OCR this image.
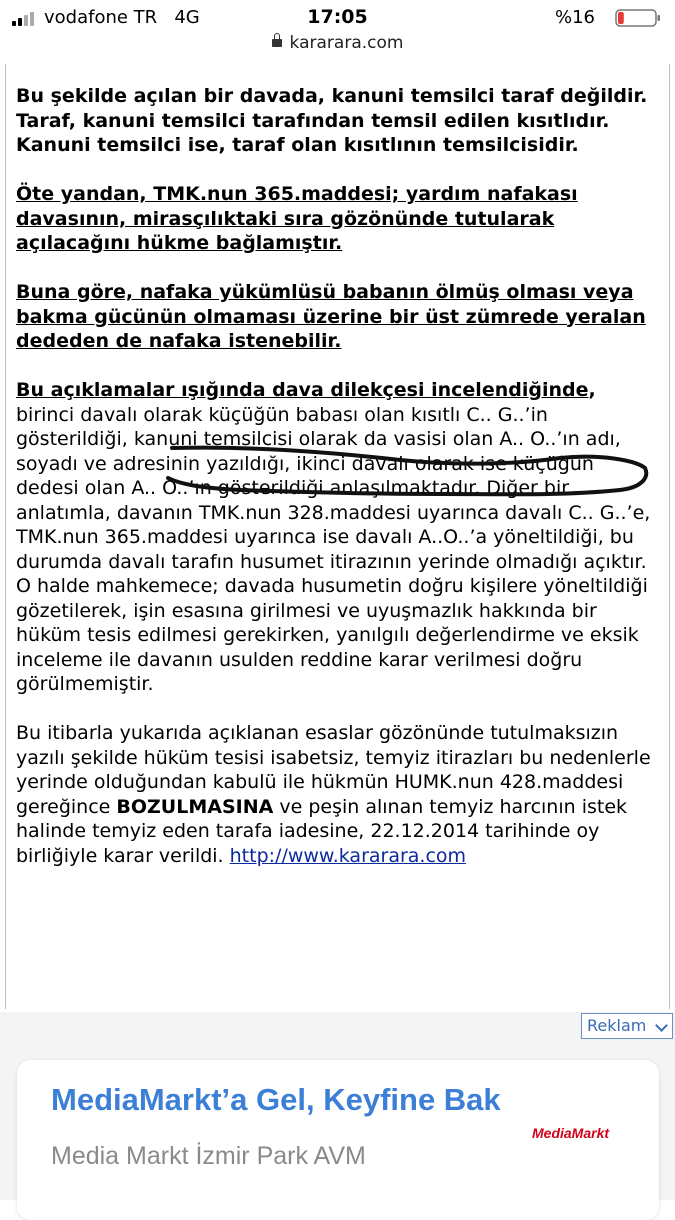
vodafone TR 4G	17:05	%16
kararara.com

Bu şekilde açılan bir davada, kanuni temsilci taraf değildir. Taraf, kanuni temsilci tarafından temsil edilen kısıtlıdır. Kanuni temsilci ise, taraf olan kısıtlının temsilcisidir.

Öte yandan, TMK.nun 365.maddesi; yardım nafakası davasının, mirasçılıktaki sıra gözönünde tutularak açılacağını hükme bağlamıştır.

Buna göre, nafaka yükümlüsü babanın ölmüş olması veya bakma gücünün olmaması üzerine bir üst zümrede yeralan dededen de nafaka istenebilir.

Bu açıklamalar ışığında dava dilekçesi incelendiğinde, birinci davalı olarak küçüğün babası olan kısıtlı C.. G..’in gösterildiği, kanuni temsilcisi olarak da vasisi olan A.. O..’ın adı, soyadı ve adresinin yazıldığı, ikinci davalı olarak ise küçüğün dedesi olan A.. O..’ın gösterildiği anlaşılmaktadır. Diğer bir anlatımla, davanın TMK.nun 328.maddesi uyarınca davalı C.. G..’e, TMK.nun 365.maddesi uyarınca ise davalı A..O..’a yöneltildiği, bu durumda davalı tarafın husumet itirazının yerinde olmadığı açıktır.

O halde mahkemece; davada husumetin doğru kişilere yöneltildiği gözetilerek, işin esasına girilmesi ve uyuşmazlık hakkında bir hüküm tesis edilmesi gerekirken, yanılgılı değerlendirme ve eksik inceleme ile davanın usulden reddine karar verilmesi doğru görülmemiştir.

Bu itibarla yukarıda açıklanan esaslar gözönünde tutulmaksızın yazılı şekilde hüküm tesisi isabetsiz, temyiz itirazları bu nedenlerle yerinde olduğundan kabulü ile hükmün HUMK.nun 428.maddesi gereğince BOZULMASINA ve peşin alınan temyiz harcının istek halinde temyiz eden tarafa iadesine, 22.12.2014 tarihinde oy birliğiyle karar verildi. http://www.kararara.com

Reklam
MediaMarkt’a Gel, Keyfine Bak
MediaMarkt
Media Markt İzmir Park AVM
